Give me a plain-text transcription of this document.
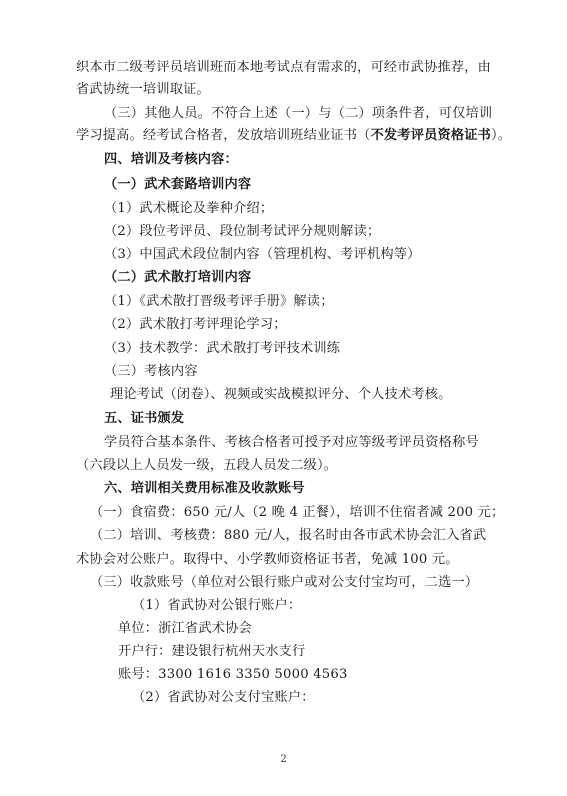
织本市二级考评员培训班而本地考试点有需求的，可经市武协推荐，由
省武协统一培训取证。
（三）其他人员。不符合上述（一）与（二）项条件者，可仅培训
学习提高。经考试合格者，发放培训班结业证书（不发考评员资格证书）。
四、培训及考核内容：
（一）武术套路培训内容
（1）武术概论及拳种介绍；
（2）段位考评员、段位制考试评分规则解读；
（3）中国武术段位制内容（管理机构、考评机构等）
（二）武术散打培训内容
（1）《武术散打晋级考评手册》解读；
（2）武术散打考评理论学习；
（3）技术教学：武术散打考评技术训练
（三）考核内容
理论考试（闭卷）、视频或实战模拟评分、个人技术考核。
五、证书颁发
学员符合基本条件、考核合格者可授予对应等级考评员资格称号
（六段以上人员发一级，五段人员发二级）。
六、培训相关费用标准及收款账号
（一）食宿费：650 元/人（2 晚 4 正餐），培训不住宿者减 200 元；
（二）培训、考核费：880 元/人，报名时由各市武术协会汇入省武
术协会对公账户。取得中、小学教师资格证书者，免减 100 元。
（三）收款账号（单位对公银行账户或对公支付宝均可，二选一）
（1）省武协对公银行账户：
单位：浙江省武术协会
开户行：建设银行杭州天水支行
账号：3300 1616 3350 5000 4563
（2）省武协对公支付宝账户：
2
